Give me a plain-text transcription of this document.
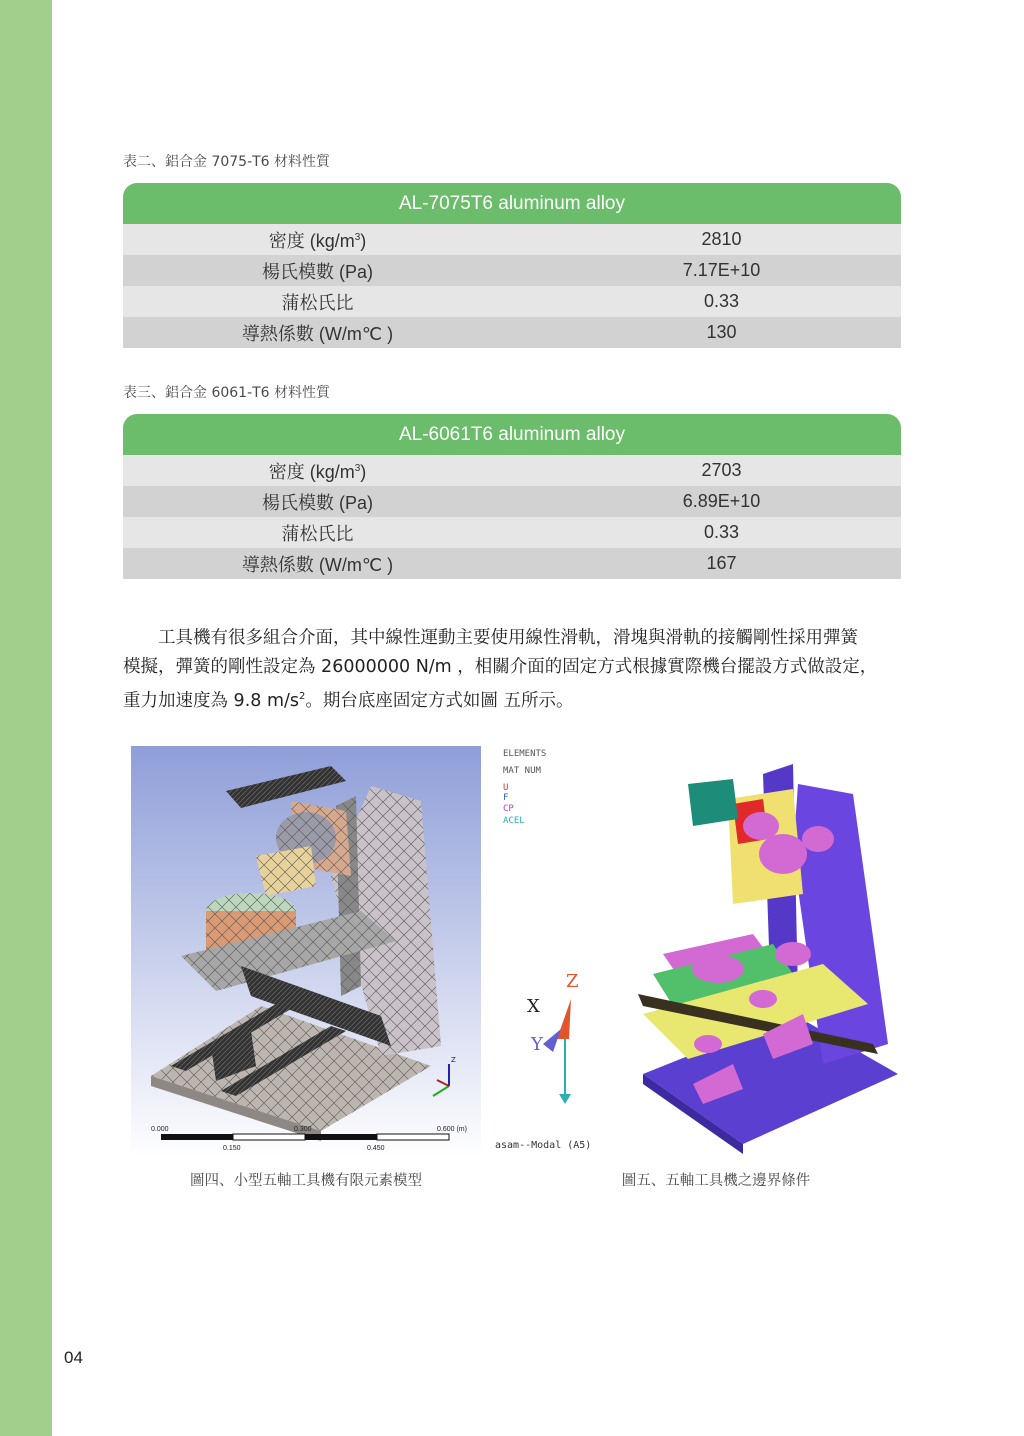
表二、鋁合金 7075-T6 材料性質
AL-7075T6 aluminum alloy
密度 $(kg/m^3)$	2810
楊氏模數 (Pa)	7.17E+10
蒲松氏比	0.33
導熱係數 (W/m℃ )	130
表三、鋁合金 6061-T6 材料性質
AL-6061T6 aluminum alloy
密度 $(kg/m^3)$	2703
楊氏模數 (Pa)	6.89E+10
蒲松氏比	0.33
導熱係數 (W/m℃ )	167

　　工具機有很多組合介面，其中線性運動主要使用線性滑軌，滑塊與滑軌的接觸剛性採用彈簧

模擬，彈簧的剛性設定為 26000000 N/m ，相關介面的固定方式根據實際機台擺設方式做設定，

重力加速度為 9.8 $m/s^2$。期台底座固定方式如圖 五所示。

Z
0.000	0.300	0.600 (m)
0.150	0.450
圖四、小型五軸工具機有限元素模型
ELEMENTS
MAT NUM
U
F
CP
ACEL
Z
X
Y
asam--Modal (A5)
圖五、五軸工具機之邊界條件
04
